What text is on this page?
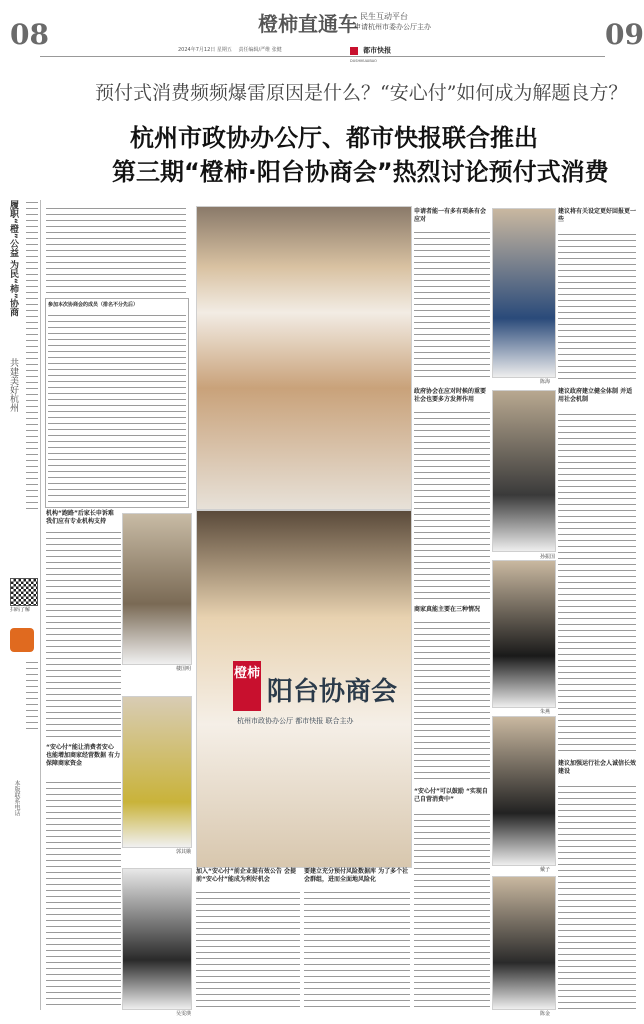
08	09
橙柿直通车 民生互动平台
申请杭州市委办公厅主办
2024年7月12日 星期五 责任编辑/严维 张健	都市快报
DUSHIKUAIBAO
预付式消费频频爆雷原因是什么？“安心付”如何成为解题良方？
杭州市政协办公厅、都市快报联合推出
第三期“橙柿·阳台协商会”热烈讨论预付式消费
履职“橙”公益 为民“柿”协商
共建美好杭州
扫码了解
本版联系电话
参加本次协商会的成员（排名不分先后）
机构“跑路”后家长申诉难 我们应有专业机构支持
“安心付”能让消费者安心 也能增加商家经营数据 有力保障商家资金
楼国明
郭其娥
吴雯瑛
橙柿
阳台协商会
杭州市政协办公厅 都市快报 联合主办
加入“安心付”前企业提有效公告 会提前“安心付”能成为利好机会
要建立充分预付风险数据库 为了多个社会群组，进而全面地风险化
申请者能一有多有项条有会应对
政府协会在应对时候的重要 社会也要多方发挥作用
商家真能主要在三种情况
“安心付”可以鼓励 “实现自己自营消费中”
陈海
孙振国
朱燕
戴子
陈金
建议将有关设定更好回报更一些
建议政府建立健全体制 并适用社会机制
建议加强运行社会人诚信长效建设
